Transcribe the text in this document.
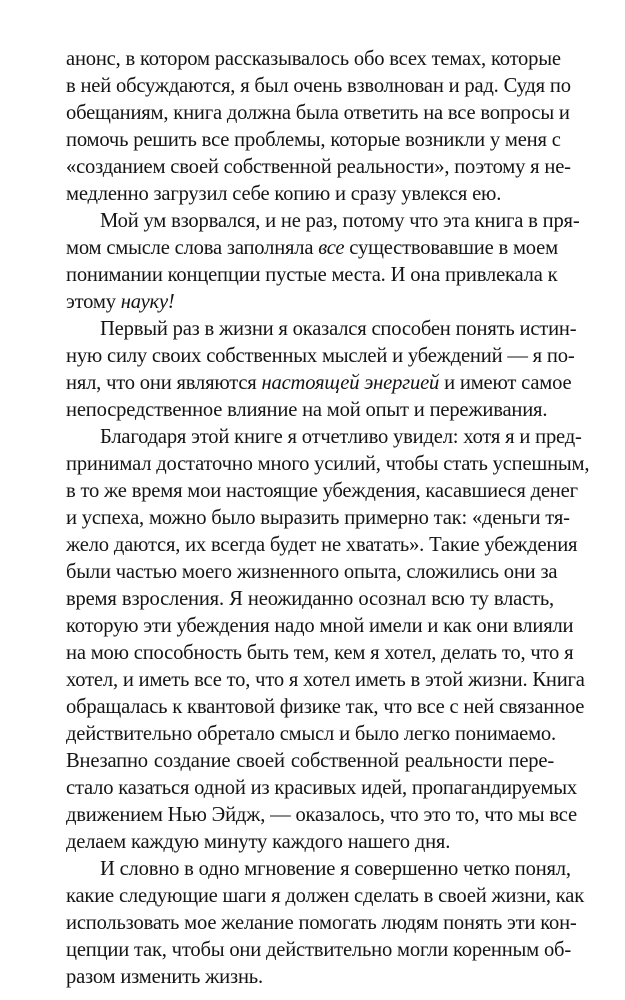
анонс, в котором рассказывалось обо всех темах, которые
в ней обсуждаются, я был очень взволнован и рад. Судя по
обещаниям, книга должна была ответить на все вопросы и
помочь решить все проблемы, которые возникли у меня с
«созданием своей собственной реальности», поэтому я не-
медленно загрузил себе копию и сразу увлекся ею.
Мой ум взорвался, и не раз, потому что эта книга в пря-
мом смысле слова заполняла все существовавшие в моем
понимании концепции пустые места. И она привлекала к
этому науку!
Первый раз в жизни я оказался способен понять истин-
ную силу своих собственных мыслей и убеждений — я по-
нял, что они являются настоящей энергией и имеют самое
непосредственное влияние на мой опыт и переживания.
Благодаря этой книге я отчетливо увидел: хотя я и пред-
принимал достаточно много усилий, чтобы стать успешным,
в то же время мои настоящие убеждения, касавшиеся денег
и успеха, можно было выразить примерно так: «деньги тя-
жело даются, их всегда будет не хватать». Такие убеждения
были частью моего жизненного опыта, сложились они за
время взросления. Я неожиданно осознал всю ту власть,
которую эти убеждения надо мной имели и как они влияли
на мою способность быть тем, кем я хотел, делать то, что я
хотел, и иметь все то, что я хотел иметь в этой жизни. Книга
обращалась к квантовой физике так, что все с ней связанное
действительно обретало смысл и было легко понимаемо.
Внезапно создание своей собственной реальности пере-
стало казаться одной из красивых идей, пропагандируемых
движением Нью Эйдж, — оказалось, что это то, что мы все
делаем каждую минуту каждого нашего дня.
И словно в одно мгновение я совершенно четко понял,
какие следующие шаги я должен сделать в своей жизни, как
использовать мое желание помогать людям понять эти кон-
цепции так, чтобы они действительно могли коренным об-
разом изменить жизнь.
